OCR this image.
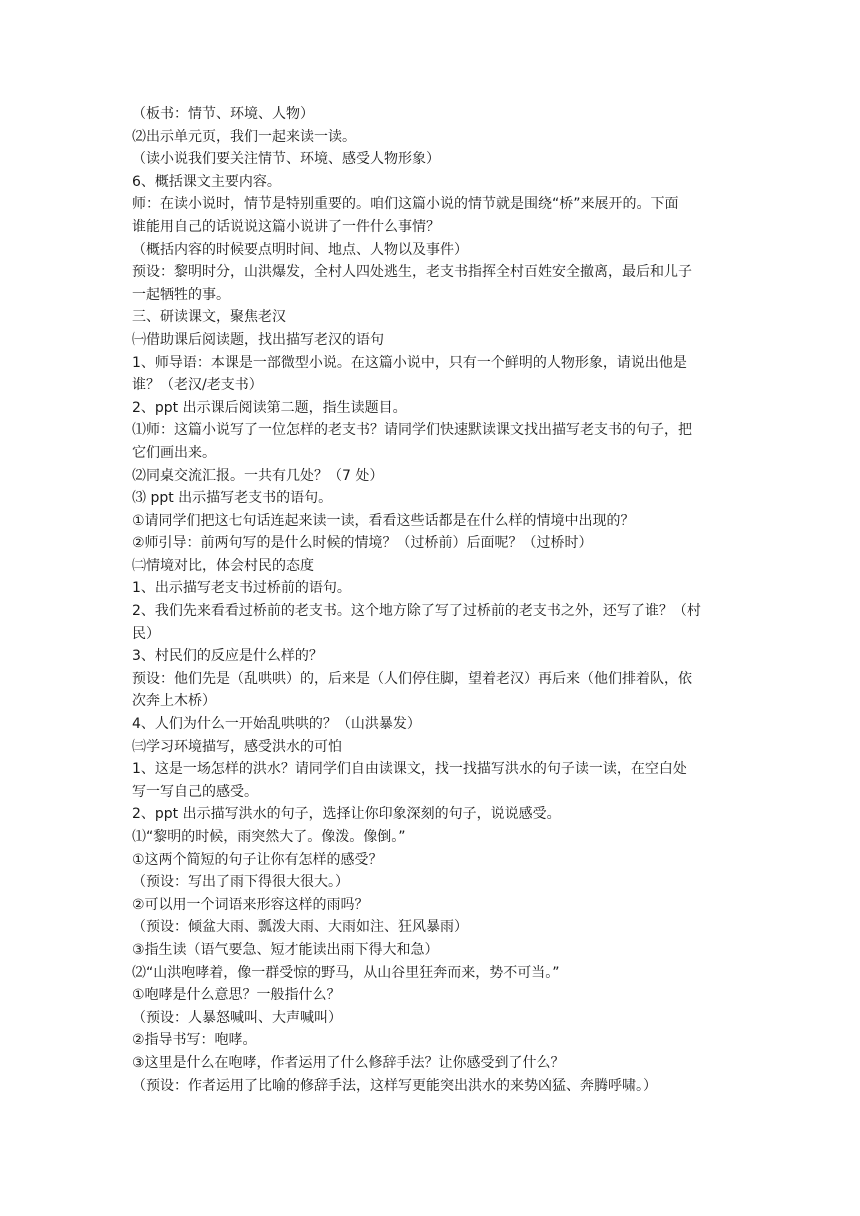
（板书：情节、环境、人物）
⑵出示单元页，我们一起来读一读。
（读小说我们要关注情节、环境、感受人物形象）
6、概括课文主要内容。
师：在读小说时，情节是特别重要的。咱们这篇小说的情节就是围绕“桥”来展开的。下面
谁能用自己的话说说这篇小说讲了一件什么事情？
（概括内容的时候要点明时间、地点、人物以及事件）
预设：黎明时分，山洪爆发，全村人四处逃生，老支书指挥全村百姓安全撤离，最后和儿子
一起牺牲的事。
三、研读课文，聚焦老汉
㈠借助课后阅读题，找出描写老汉的语句
1、师导语：本课是一部微型小说。在这篇小说中，只有一个鲜明的人物形象，请说出他是
谁？（老汉/老支书）
2、ppt 出示课后阅读第二题，指生读题目。
⑴师：这篇小说写了一位怎样的老支书？请同学们快速默读课文找出描写老支书的句子，把
它们画出来。
⑵同桌交流汇报。一共有几处？（7 处）
⑶ ppt 出示描写老支书的语句。
①请同学们把这七句话连起来读一读，看看这些话都是在什么样的情境中出现的？
②师引导：前两句写的是什么时候的情境？（过桥前）后面呢？（过桥时）
㈡情境对比，体会村民的态度
1、出示描写老支书过桥前的语句。
2、我们先来看看过桥前的老支书。这个地方除了写了过桥前的老支书之外，还写了谁？（村
民）
3、村民们的反应是什么样的？
预设：他们先是（乱哄哄）的，后来是（人们停住脚，望着老汉）再后来（他们排着队，依
次奔上木桥）
4、人们为什么一开始乱哄哄的？（山洪暴发）
㈢学习环境描写，感受洪水的可怕
1、这是一场怎样的洪水？请同学们自由读课文，找一找描写洪水的句子读一读，在空白处
写一写自己的感受。
2、ppt 出示描写洪水的句子，选择让你印象深刻的句子，说说感受。
⑴“黎明的时候，雨突然大了。像泼。像倒。”
①这两个简短的句子让你有怎样的感受？
（预设：写出了雨下得很大很大。）
②可以用一个词语来形容这样的雨吗？
（预设：倾盆大雨、瓢泼大雨、大雨如注、狂风暴雨）
③指生读（语气要急、短才能读出雨下得大和急）
⑵“山洪咆哮着，像一群受惊的野马，从山谷里狂奔而来，势不可当。”
①咆哮是什么意思？一般指什么？
（预设：人暴怒喊叫、大声喊叫）
②指导书写：咆哮。
③这里是什么在咆哮，作者运用了什么修辞手法？让你感受到了什么？
（预设：作者运用了比喻的修辞手法，这样写更能突出洪水的来势凶猛、奔腾呼啸。）
